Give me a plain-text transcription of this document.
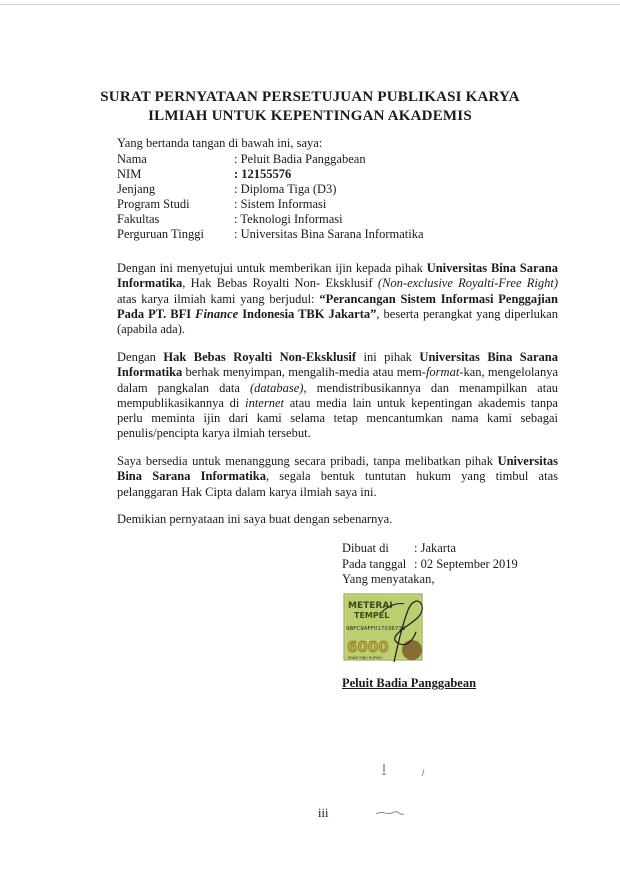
SURAT PERNYATAAN PERSETUJUAN PUBLIKASI KARYA
ILMIAH UNTUK KEPENTINGAN AKADEMIS
Yang bertanda tangan di bawah ini, saya:
Nama	: Peluit Badia Panggabean
NIM	: 12155576
Jenjang	: Diploma Tiga (D3)
Program Studi	: Sistem Informasi
Fakultas	: Teknologi Informasi
Perguruan Tinggi	: Universitas Bina Sarana Informatika
Dengan ini menyetujui untuk memberikan ijin kepada pihak Universitas Bina Sarana Informatika, Hak Bebas Royalti Non- Eksklusif (Non-exclusive Royalti-Free Right) atas karya ilmiah kami yang berjudul: “Perancangan Sistem Informasi Penggajian Pada PT. BFI Finance Indonesia TBK Jakarta”, beserta perangkat yang diperlukan (apabila ada).
Dengan Hak Bebas Royalti Non-Eksklusif ini pihak Universitas Bina Sarana Informatika berhak menyimpan, mengalih-media atau mem-format-kan, mengelolanya dalam pangkalan data (database), mendistribusikannya dan menampilkan atau mempublikasikannya di internet atau media lain untuk kepentingan akademis tanpa perlu meminta ijin dari kami selama tetap mencantumkan nama kami sebagai penulis/pencipta karya ilmiah tersebut.
Saya bersedia untuk menanggung secara pribadi, tanpa melibatkan pihak Universitas Bina Sarana Informatika, segala bentuk tuntutan hukum yang timbul atas pelanggaran Hak Cipta dalam karya ilmiah saya ini.
Demikian pernyataan ini saya buat dengan sebenarnya.
Dibuat di	: Jakarta
Pada tanggal : 02 September 2019
Yang menyatakan,
METERAI
TEMPEL
9BFC9AFF017036739
6000
ENAM RIBU RUPIAH
Peluit Badia Panggabean
iii
